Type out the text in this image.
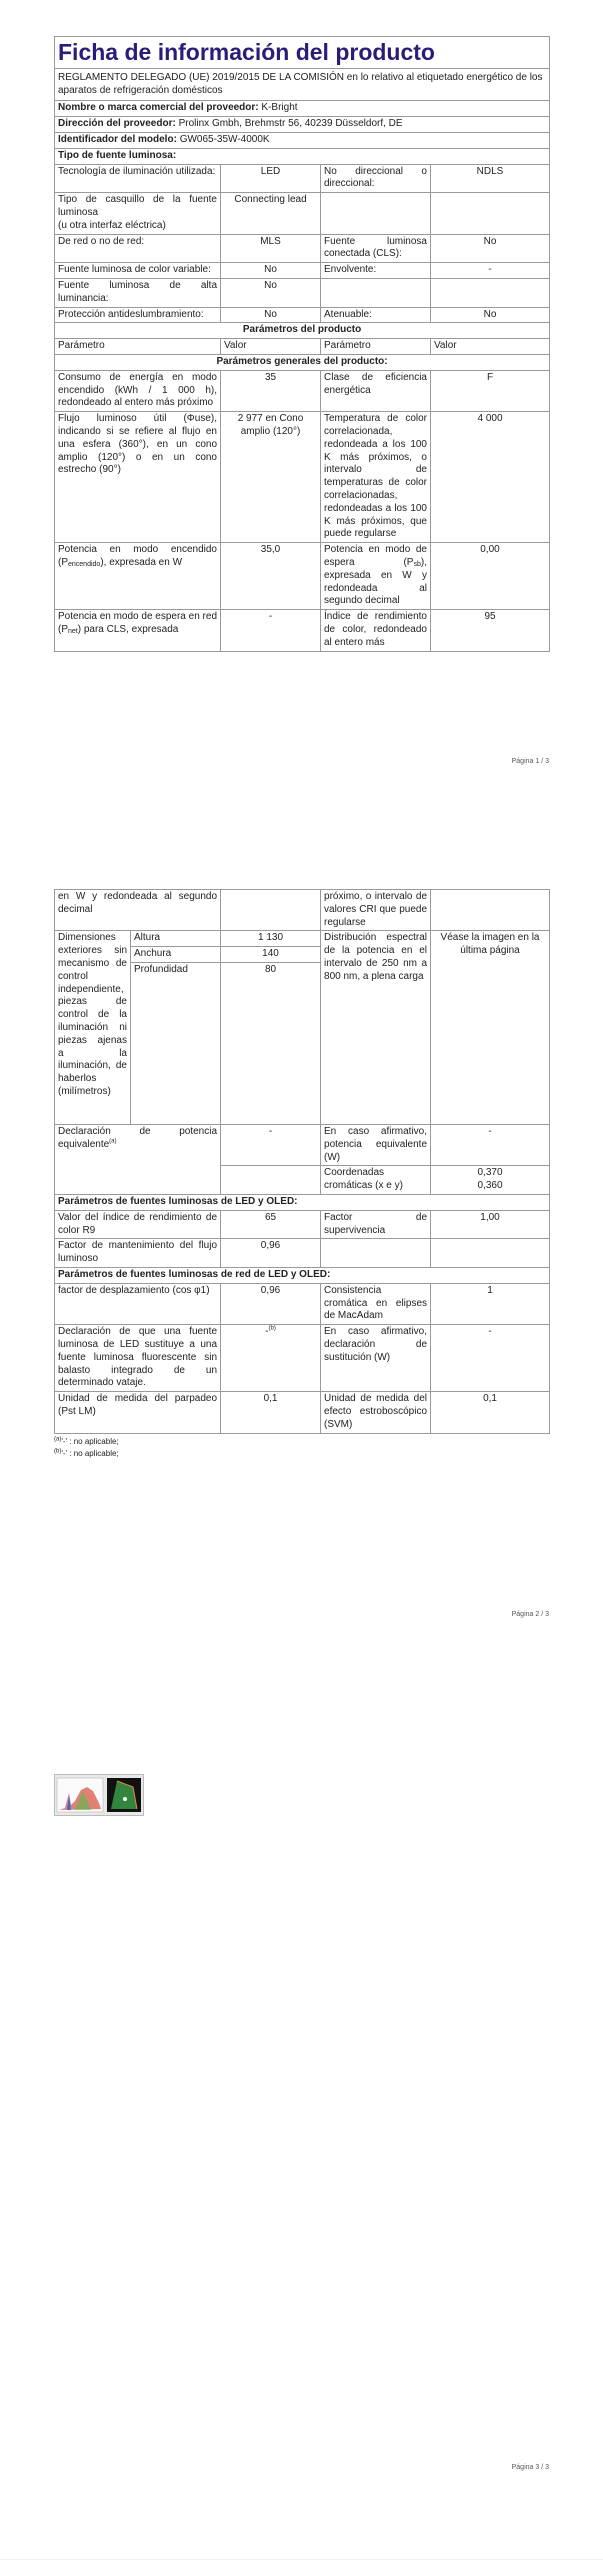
Ficha de información del producto			
REGLAMENTO DELEGADO (UE) 2019/2015 DE LA COMISIÓN en lo relativo al etiquetado energético de los aparatos de refrigeración domésticos			
Nombre o marca comercial del proveedor: K-Bright			
Dirección del proveedor: Prolinx Gmbh, Brehmstr 56, 40239 Düsseldorf, DE			
Identificador del modelo: GW065-35W-4000K			
Tipo de fuente luminosa:			
Tecnología de iluminación utilizada:	LED	No direccional o direccional:	NDLS
Tipo de casquillo de la fuente luminosa
(u otra interfaz eléctrica)	Connecting lead		
De red o no de red:	MLS	Fuente luminosa conectada (CLS):	No
Fuente luminosa de color variable:	No	Envolvente:	-
Fuente luminosa de alta luminancia:	No		
Protección antideslumbramiento:	No	Atenuable:	No
Parámetros del producto			
Parámetro	Valor	Parámetro	Valor
Parámetros generales del producto:			
Consumo de energía en modo encendido (kWh / 1 000 h), redondeado al entero más próximo	35	Clase de eficiencia energética	F
Flujo luminoso útil (Φuse), indicando si se refiere al flujo en una esfera (360°), en un cono amplio (120°) o en un cono estrecho (90°)	2 977 en Cono amplio (120°)	Temperatura de color correlacionada, redondeada a los 100 K más próximos, o intervalo de temperaturas de color correlacionadas, redondeadas a los 100 K más próximos, que puede regularse	4 000
Potencia en modo encendido $(P_{encendido})$, expresada en W	35,0	Potencia en modo de espera $(P_{sb})$, expresada en W y redondeada al segundo decimal	0,00
Potencia en modo de espera en red $(P_{net})$ para CLS, expresada	-	Índice de rendimiento de color, redondeado al entero más	95
Página 1 / 3
en W y redondeada al segundo decimal			próximo, o intervalo de valores CRI que puede regularse	
Dimensiones exteriores sin mecanismo de control independiente, piezas de control de la iluminación ni piezas ajenas a la iluminación, de haberlos (milímetros)	Altura	1 130	Distribución espectral de la potencia en el intervalo de 250 nm a 800 nm, a plena carga	Véase la imagen en la última página
	Anchura	140		
	Profundidad	80		
Declaración de potencia equivalente$^{(a)}$		-	En caso afirmativo, potencia equivalente (W)	-
			Coordenadas cromáticas (x e y)	0,370
0,360
Parámetros de fuentes luminosas de LED y OLED:				
Valor del índice de rendimiento de color R9		65	Factor de supervivencia	1,00
Factor de mantenimiento del flujo luminoso		0,96		
Parámetros de fuentes luminosas de red de LED y OLED:				
factor de desplazamiento (cos φ1)		0,96	Consistencia cromática en elipses de MacAdam	1
Declaración de que una fuente luminosa de LED sustituye a una fuente luminosa fluorescente sin balasto integrado de un determinado vataje.		-$^{(b)}$	En caso afirmativo, declaración de sustitución (W)	-
Unidad de medida del parpadeo (Pst LM)		0,1	Unidad de medida del efecto estroboscópico (SVM)	0,1
$^{(a)}$'-' : no aplicable;
$^{(b)}$'-' : no aplicable;
Página 2 / 3
Página 3 / 3
